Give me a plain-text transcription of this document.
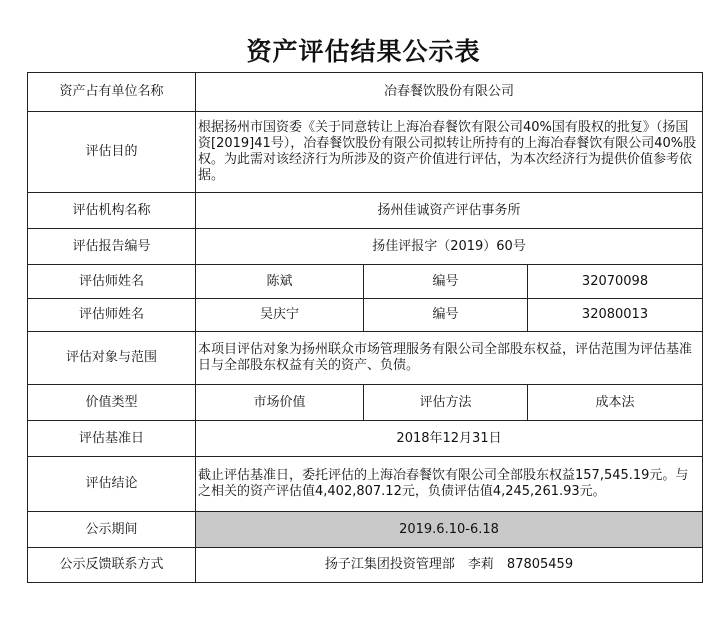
资产评估结果公示表
资产占有单位名称	冶春餐饮股份有限公司		
评估目的	根据扬州市国资委《关于同意转让上海冶春餐饮有限公司40%国有股权的批复》（扬国资[2019]41号），冶春餐饮股份有限公司拟转让所持有的上海冶春餐饮有限公司40%股权。为此需对该经济行为所涉及的资产价值进行评估，为本次经济行为提供价值参考依据。		
评估机构名称	扬州佳诚资产评估事务所		
评估报告编号	扬佳评报字（2019）60号		
评估师姓名	陈斌	编号	32070098
评估师姓名	吴庆宁	编号	32080013
评估对象与范围	本项目评估对象为扬州联众市场管理服务有限公司全部股东权益，评估范围为评估基准日与全部股东权益有关的资产、负债。		
价值类型	市场价值	评估方法	成本法
评估基准日	2018年12月31日		
评估结论	截止评估基准日，委托评估的上海冶春餐饮有限公司全部股东权益157,545.19元。与之相关的资产评估值4,402,807.12元，负债评估值4,245,261.93元。		
公示期间	2019.6.10-6.18		
公示反馈联系方式	扬子江集团投资管理部　李莉　87805459		
